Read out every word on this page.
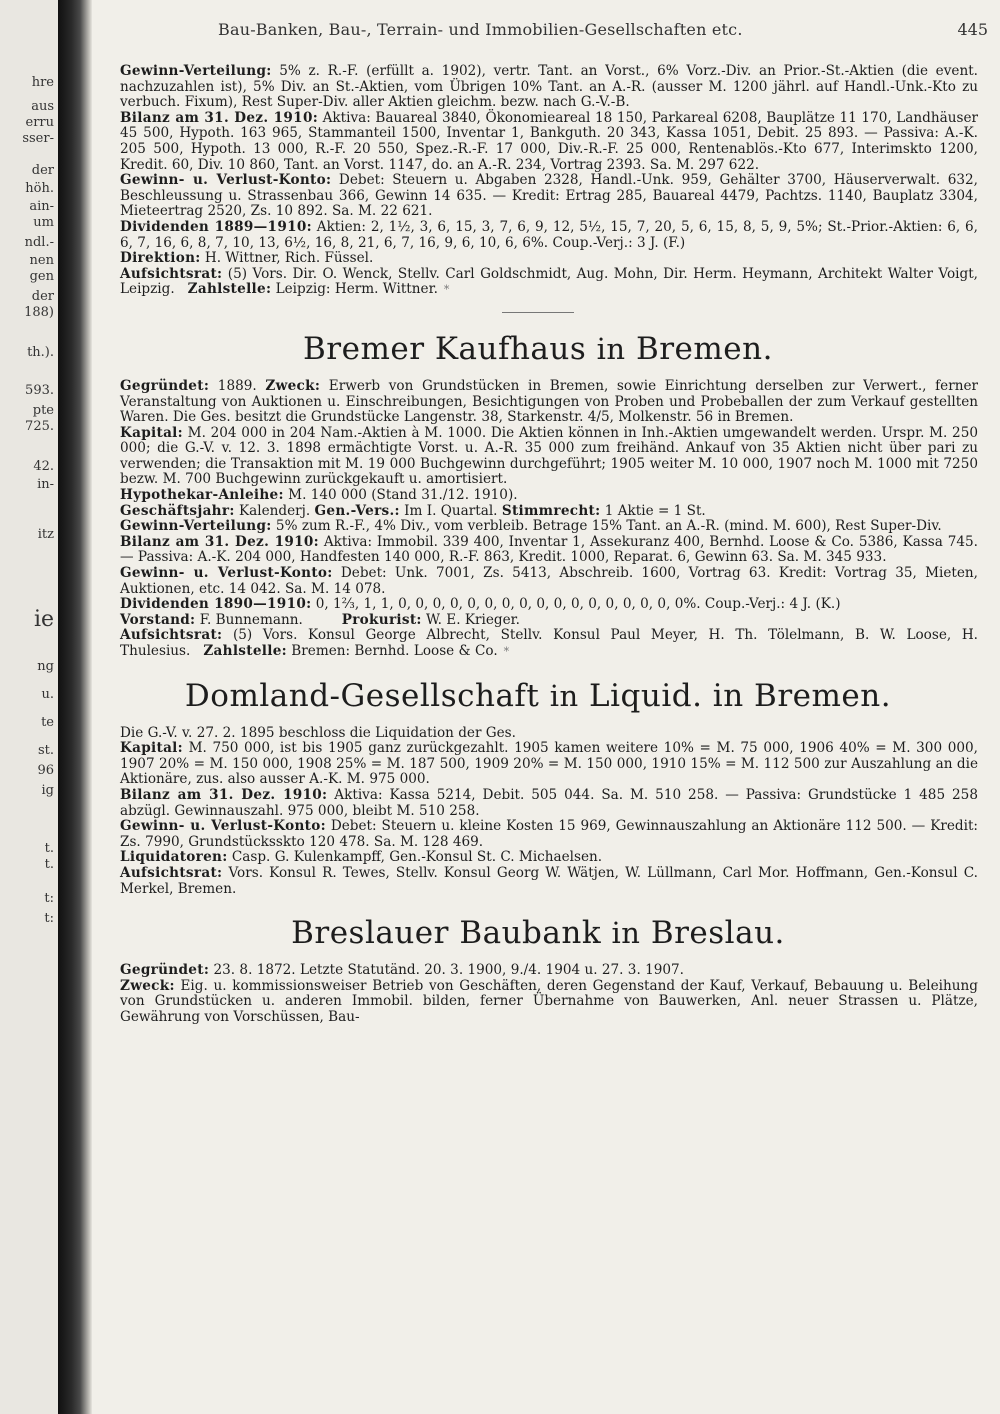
hre
aus
erru
sser-
der
höh.
ain-
um
ndl.-
nen
gen
der
188)
th.).
593.
pte
725.
42.
in-
itz
ie
ng
u.
te
st.
96
ig
t.
t.
t:
t:
Bau-Banken, Bau-, Terrain- und Immobilien-Gesellschaften etc.	445

Gewinn-Verteilung: 5% z. R.-F. (erfüllt a. 1902), vertr. Tant. an Vorst., 6% Vorz.-Div. an Prior.-St.-Aktien (die event. nachzuzahlen ist), 5% Div. an St.-Aktien, vom Übrigen 10% Tant. an A.-R. (ausser M. 1200 jährl. auf Handl.-Unk.-Kto zu verbuch. Fixum), Rest Super-Div. aller Aktien gleichm. bezw. nach G.-V.-B.

Bilanz am 31. Dez. 1910: Aktiva: Bauareal 3840, Ökonomieareal 18 150, Parkareal 6208, Bauplätze 11 170, Landhäuser 45 500, Hypoth. 163 965, Stammanteil 1500, Inventar 1, Bankguth. 20 343, Kassa 1051, Debit. 25 893. — Passiva: A.-K. 205 500, Hypoth. 13 000, R.-F. 20 550, Spez.-R.-F. 17 000, Div.-R.-F. 25 000, Rentenablös.-Kto 677, Interimskto 1200, Kredit. 60, Div. 10 860, Tant. an Vorst. 1147, do. an A.-R. 234, Vortrag 2393. Sa. M. 297 622.

Gewinn- u. Verlust-Konto: Debet: Steuern u. Abgaben 2328, Handl.-Unk. 959, Gehälter 3700, Häuserverwalt. 632, Beschleussung u. Strassenbau 366, Gewinn 14 635. — Kredit: Ertrag 285, Bauareal 4479, Pachtzs. 1140, Bauplatz 3304, Mieteertrag 2520, Zs. 10 892. Sa. M. 22 621.

Dividenden 1889—1910: Aktien: 2, 1½, 3, 6, 15, 3, 7, 6, 9, 12, 5½, 15, 7, 20, 5, 6, 15, 8, 5, 9, 5%; St.-Prior.-Aktien: 6, 6, 6, 7, 16, 6, 8, 7, 10, 13, 6½, 16, 8, 21, 6, 7, 16, 9, 6, 10, 6, 6%. Coup.-Verj.: 3 J. (F.)

Direktion: H. Wittner, Rich. Füssel.

Aufsichtsrat: (5) Vors. Dir. O. Wenck, Stellv. Carl Goldschmidt, Aug. Mohn, Dir. Herm. Heymann, Architekt Walter Voigt, Leipzig. Zahlstelle: Leipzig: Herm. Wittner. *

Bremer Kaufhaus in Bremen.

Gegründet: 1889. Zweck: Erwerb von Grundstücken in Bremen, sowie Einrichtung derselben zur Verwert., ferner Veranstaltung von Auktionen u. Einschreibungen, Besichtigungen von Proben und Probeballen der zum Verkauf gestellten Waren. Die Ges. besitzt die Grundstücke Langenstr. 38, Starkenstr. 4/5, Molkenstr. 56 in Bremen.

Kapital: M. 204 000 in 204 Nam.-Aktien à M. 1000. Die Aktien können in Inh.-Aktien umgewandelt werden. Urspr. M. 250 000; die G.-V. v. 12. 3. 1898 ermächtigte Vorst. u. A.-R. 35 000 zum freihänd. Ankauf von 35 Aktien nicht über pari zu verwenden; die Transaktion mit M. 19 000 Buchgewinn durchgeführt; 1905 weiter M. 10 000, 1907 noch M. 1000 mit 7250 bezw. M. 700 Buchgewinn zurückgekauft u. amortisiert.

Hypothekar-Anleihe: M. 140 000 (Stand 31./12. 1910).

Geschäftsjahr: Kalenderj. Gen.-Vers.: Im I. Quartal. Stimmrecht: 1 Aktie = 1 St.

Gewinn-Verteilung: 5% zum R.-F., 4% Div., vom verbleib. Betrage 15% Tant. an A.-R. (mind. M. 600), Rest Super-Div.

Bilanz am 31. Dez. 1910: Aktiva: Immobil. 339 400, Inventar 1, Assekuranz 400, Bernhd. Loose & Co. 5386, Kassa 745. — Passiva: A.-K. 204 000, Handfesten 140 000, R.-F. 863, Kredit. 1000, Reparat. 6, Gewinn 63. Sa. M. 345 933.

Gewinn- u. Verlust-Konto: Debet: Unk. 7001, Zs. 5413, Abschreib. 1600, Vortrag 63. Kredit: Vortrag 35, Mieten, Auktionen, etc. 14 042. Sa. M. 14 078.

Dividenden 1890—1910: 0, 1⅔, 1, 1, 0, 0, 0, 0, 0, 0, 0, 0, 0, 0, 0, 0, 0, 0, 0, 0, 0%. Coup.-Verj.: 4 J. (K.)

Vorstand: F. Bunnemann.	Prokurist: W. E. Krieger.

Aufsichtsrat: (5) Vors. Konsul George Albrecht, Stellv. Konsul Paul Meyer, H. Th. Tölelmann, B. W. Loose, H. Thulesius. Zahlstelle: Bremen: Bernhd. Loose & Co. *

Domland-Gesellschaft in Liquid. in Bremen.

Die G.-V. v. 27. 2. 1895 beschloss die Liquidation der Ges.

Kapital: M. 750 000, ist bis 1905 ganz zurückgezahlt. 1905 kamen weitere 10% = M. 75 000, 1906 40% = M. 300 000, 1907 20% = M. 150 000, 1908 25% = M. 187 500, 1909 20% = M. 150 000, 1910 15% = M. 112 500 zur Auszahlung an die Aktionäre, zus. also ausser A.-K. M. 975 000.

Bilanz am 31. Dez. 1910: Aktiva: Kassa 5214, Debit. 505 044. Sa. M. 510 258. — Passiva: Grundstücke 1 485 258 abzügl. Gewinnauszahl. 975 000, bleibt M. 510 258.

Gewinn- u. Verlust-Konto: Debet: Steuern u. kleine Kosten 15 969, Gewinnauszahlung an Aktionäre 112 500. — Kredit: Zs. 7990, Grundstücksskto 120 478. Sa. M. 128 469.

Liquidatoren: Casp. G. Kulenkampff, Gen.-Konsul St. C. Michaelsen.

Aufsichtsrat: Vors. Konsul R. Tewes, Stellv. Konsul Georg W. Wätjen, W. Lüllmann, Carl Mor. Hoffmann, Gen.-Konsul C. Merkel, Bremen.

Breslauer Baubank in Breslau.

Gegründet: 23. 8. 1872. Letzte Statutänd. 20. 3. 1900, 9./4. 1904 u. 27. 3. 1907.

Zweck: Eig. u. kommissionsweiser Betrieb von Geschäften, deren Gegenstand der Kauf, Verkauf, Bebauung u. Beleihung von Grundstücken u. anderen Immobil. bilden, ferner Übernahme von Bauwerken, Anl. neuer Strassen u. Plätze, Gewährung von Vorschüssen, Bau-
